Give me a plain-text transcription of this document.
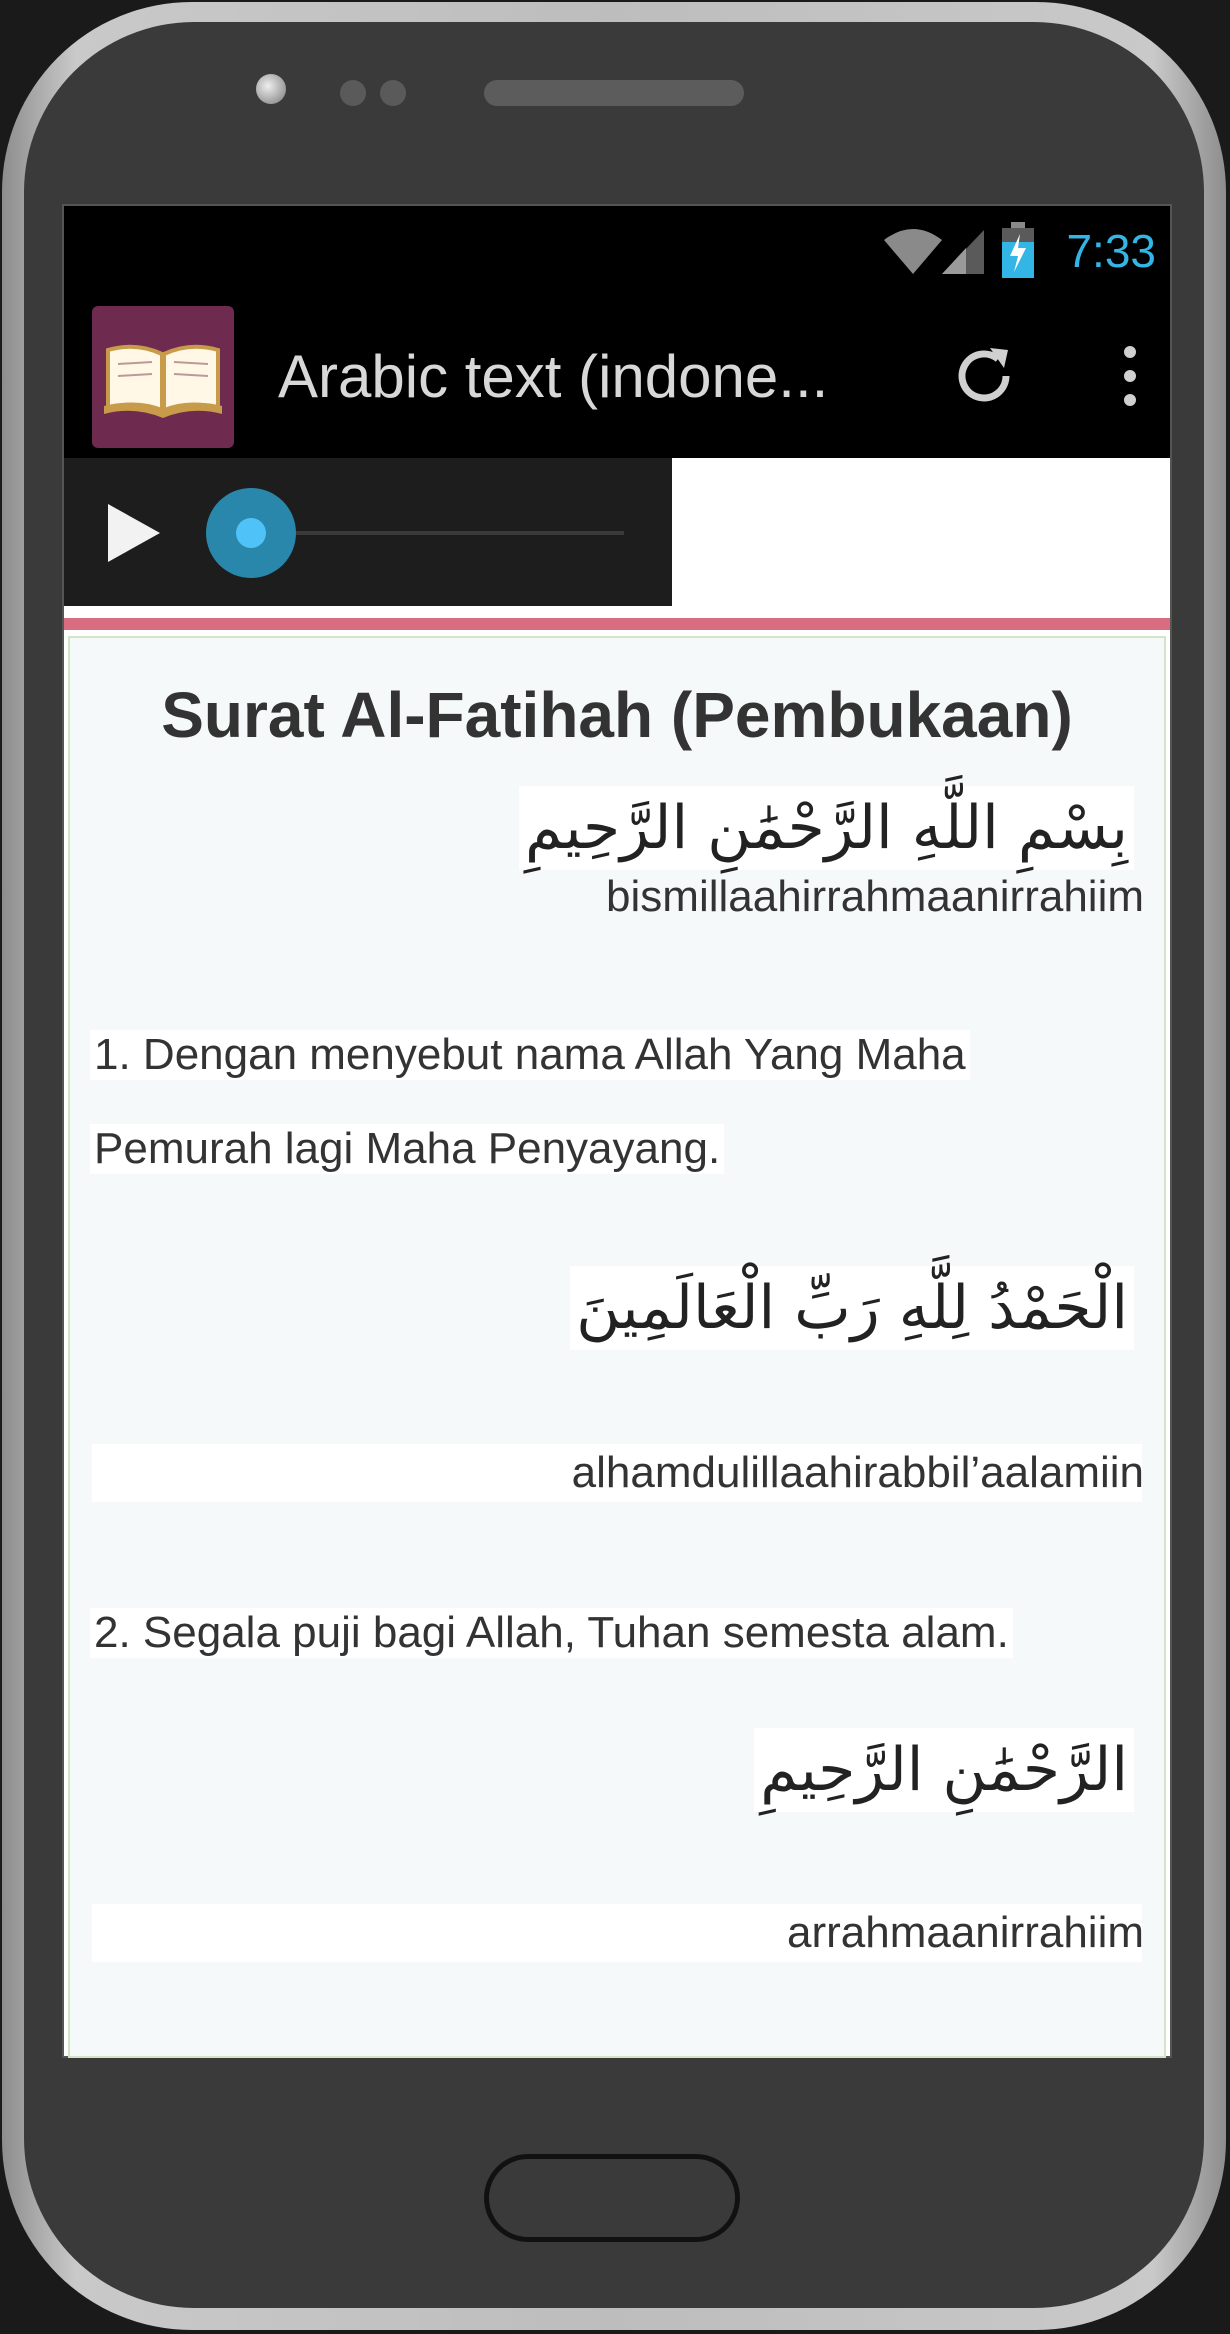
7:33
Arabic text (indone...
Surat Al-Fatihah (Pembukaan)
بِسْمِ اللَّهِ الرَّحْمَٰنِ الرَّحِيمِ
bismillaahirrahmaanirrahiim
1. Dengan menyebut nama Allah Yang Maha
Pemurah lagi Maha Penyayang.
الْحَمْدُ لِلَّهِ رَبِّ الْعَالَمِينَ
alhamdulillaahirabbil’aalamiin
2. Segala puji bagi Allah, Tuhan semesta alam.
الرَّحْمَٰنِ الرَّحِيمِ
arrahmaanirrahiim
